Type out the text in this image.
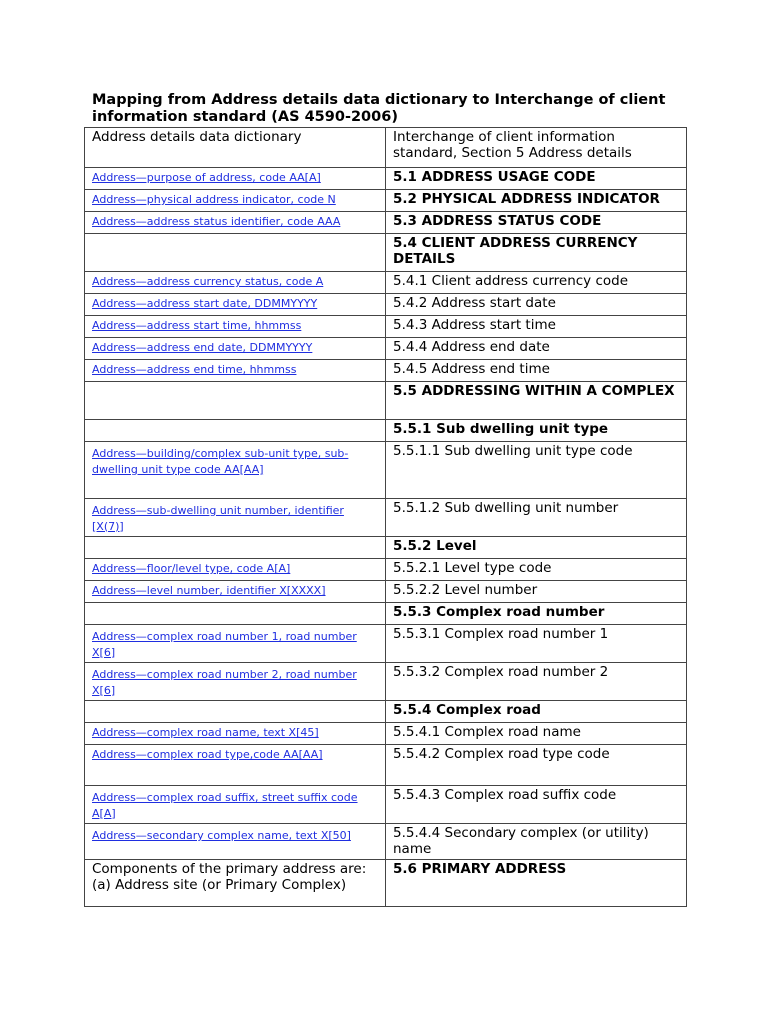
Mapping from Address details data dictionary to Interchange of client information standard (AS 4590-2006)
Address details data dictionary	Interchange of client information standard, Section 5 Address details
Address—purpose of address, code AA[A]	5.1 ADDRESS USAGE CODE
Address—physical address indicator, code N	5.2 PHYSICAL ADDRESS INDICATOR
Address—address status identifier, code AAA	5.3 ADDRESS STATUS CODE
	5.4 CLIENT ADDRESS CURRENCY DETAILS
Address—address currency status, code A	5.4.1 Client address currency code
Address—address start date, DDMMYYYY	5.4.2 Address start date
Address—address start time, hhmmss	5.4.3 Address start time
Address—address end date, DDMMYYYY	5.4.4 Address end date
Address—address end time, hhmmss	5.4.5 Address end time
	5.5 ADDRESSING WITHIN A COMPLEX
	5.5.1 Sub dwelling unit type
Address—building/complex sub-unit type, sub-dwelling unit type code AA[AA]	5.5.1.1 Sub dwelling unit type code
Address—sub-dwelling unit number, identifier [X(7)]	5.5.1.2 Sub dwelling unit number
	5.5.2 Level
Address—floor/level type, code A[A]	5.5.2.1 Level type code
Address—level number, identifier X[XXXX]	5.5.2.2 Level number
	5.5.3 Complex road number
Address—complex road number 1, road number X[6]	5.5.3.1 Complex road number 1
Address—complex road number 2, road number X[6]	5.5.3.2 Complex road number 2
	5.5.4 Complex road
Address—complex road name, text X[45]	5.5.4.1 Complex road name
Address—complex road type,code AA[AA]	5.5.4.2 Complex road type code
Address—complex road suffix, street suffix code A[A]	5.5.4.3 Complex road suffix code
Address—secondary complex name, text X[50]	5.5.4.4 Secondary complex (or utility) name

Components of the primary address are:
(a) Address site (or Primary Complex)	5.6 PRIMARY ADDRESS
